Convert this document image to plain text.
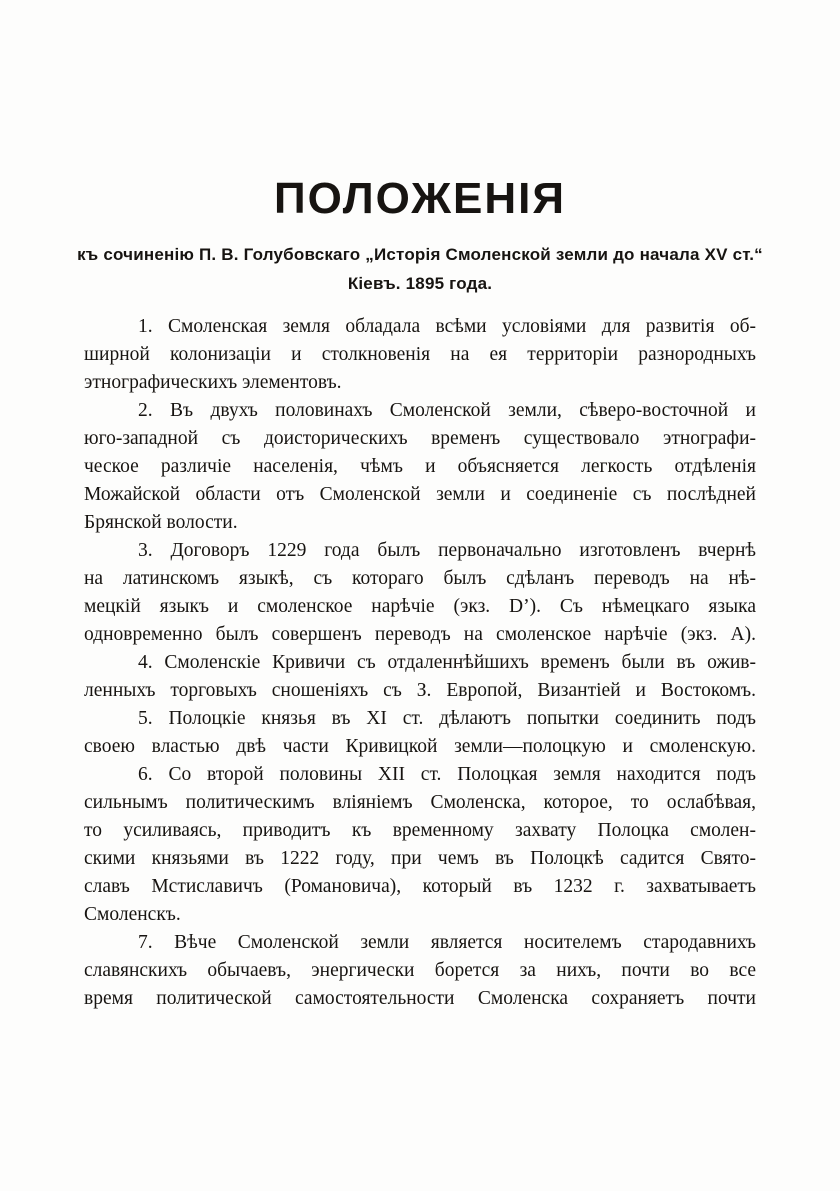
ПОЛОЖЕНІЯ
къ сочиненію П. В. Голубовскаго „Исторія Смоленской земли до начала XV ст.“
Кіевъ. 1895 года.
1. Смоленская земля обладала всѣми условіями для развитія об-
ширной колонизаціи и столкновенія на ея территоріи разнородныхъ
этнографическихъ элементовъ.
2. Въ двухъ половинахъ Смоленской земли, сѣверо-восточной и
юго-западной съ доисторическихъ временъ существовало этнографи-
ческое различіе населенія, чѣмъ и объясняется легкость отдѣленія
Можайской области отъ Смоленской земли и соединеніе съ послѣдней
Брянской волости.
3. Договоръ 1229 года былъ первоначально изготовленъ вчернѣ
на латинскомъ языкѣ, съ котораго былъ сдѣланъ переводъ на нѣ-
мецкій языкъ и смоленское нарѣчіе (экз. D’). Съ нѣмецкаго языка
одновременно былъ совершенъ переводъ на смоленское нарѣчіе (экз. А).
4. Смоленскіе Кривичи съ отдаленнѣйшихъ временъ были въ ожив-
ленныхъ торговыхъ сношеніяхъ съ З. Европой, Византіей и Востокомъ.
5. Полоцкіе князья въ XI ст. дѣлаютъ попытки соединить подъ
своею властью двѣ части Кривицкой земли—полоцкую и смоленскую.
6. Со второй половины XII ст. Полоцкая земля находится подъ
сильнымъ политическимъ вліяніемъ Смоленска, которое, то ослабѣвая,
то усиливаясь, приводитъ къ временному захвату Полоцка смолен-
скими князьями въ 1222 году, при чемъ въ Полоцкѣ садится Свято-
славъ Мстиславичъ (Романовича), который въ 1232 г. захватываетъ
Смоленскъ.
7. Вѣче Смоленской земли является носителемъ стародавнихъ
славянскихъ обычаевъ, энергически борется за нихъ, почти во все
время политической самостоятельности Смоленска сохраняетъ почти
